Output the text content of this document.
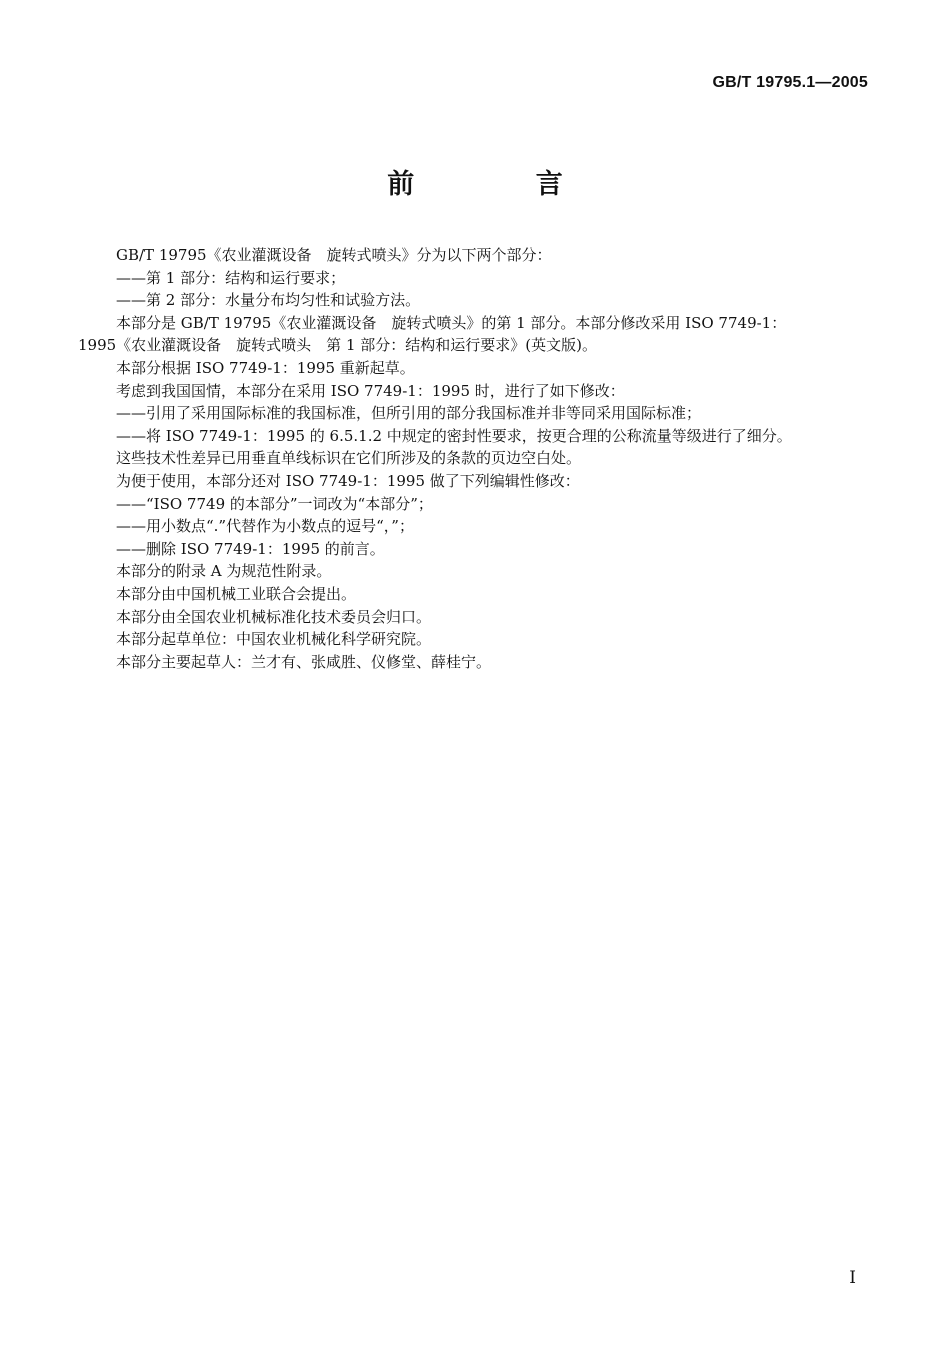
GB/T 19795.1—2005
前 言

GB/T 19795《农业灌溉设备　旋转式喷头》分为以下两个部分：

——第 1 部分：结构和运行要求；

——第 2 部分：水量分布均匀性和试验方法。

本部分是 GB/T 19795《农业灌溉设备　旋转式喷头》的第 1 部分。本部分修改采用 ISO 7749-1：

1995《农业灌溉设备　旋转式喷头　第 1 部分：结构和运行要求》(英文版)。

本部分根据 ISO 7749-1：1995 重新起草。

考虑到我国国情，本部分在采用 ISO 7749-1：1995 时，进行了如下修改：

——引用了采用国际标准的我国标准，但所引用的部分我国标准并非等同采用国际标准；

——将 ISO 7749-1：1995 的 6.5.1.2 中规定的密封性要求，按更合理的公称流量等级进行了细分。

这些技术性差异已用垂直单线标识在它们所涉及的条款的页边空白处。

为便于使用，本部分还对 ISO 7749-1：1995 做了下列编辑性修改：

——“ISO 7749 的本部分”一词改为“本部分”；

——用小数点“.”代替作为小数点的逗号“，”；

——删除 ISO 7749-1：1995 的前言。

本部分的附录 A 为规范性附录。

本部分由中国机械工业联合会提出。

本部分由全国农业机械标准化技术委员会归口。

本部分起草单位：中国农业机械化科学研究院。

本部分主要起草人：兰才有、张咸胜、仪修堂、薛桂宁。

I
